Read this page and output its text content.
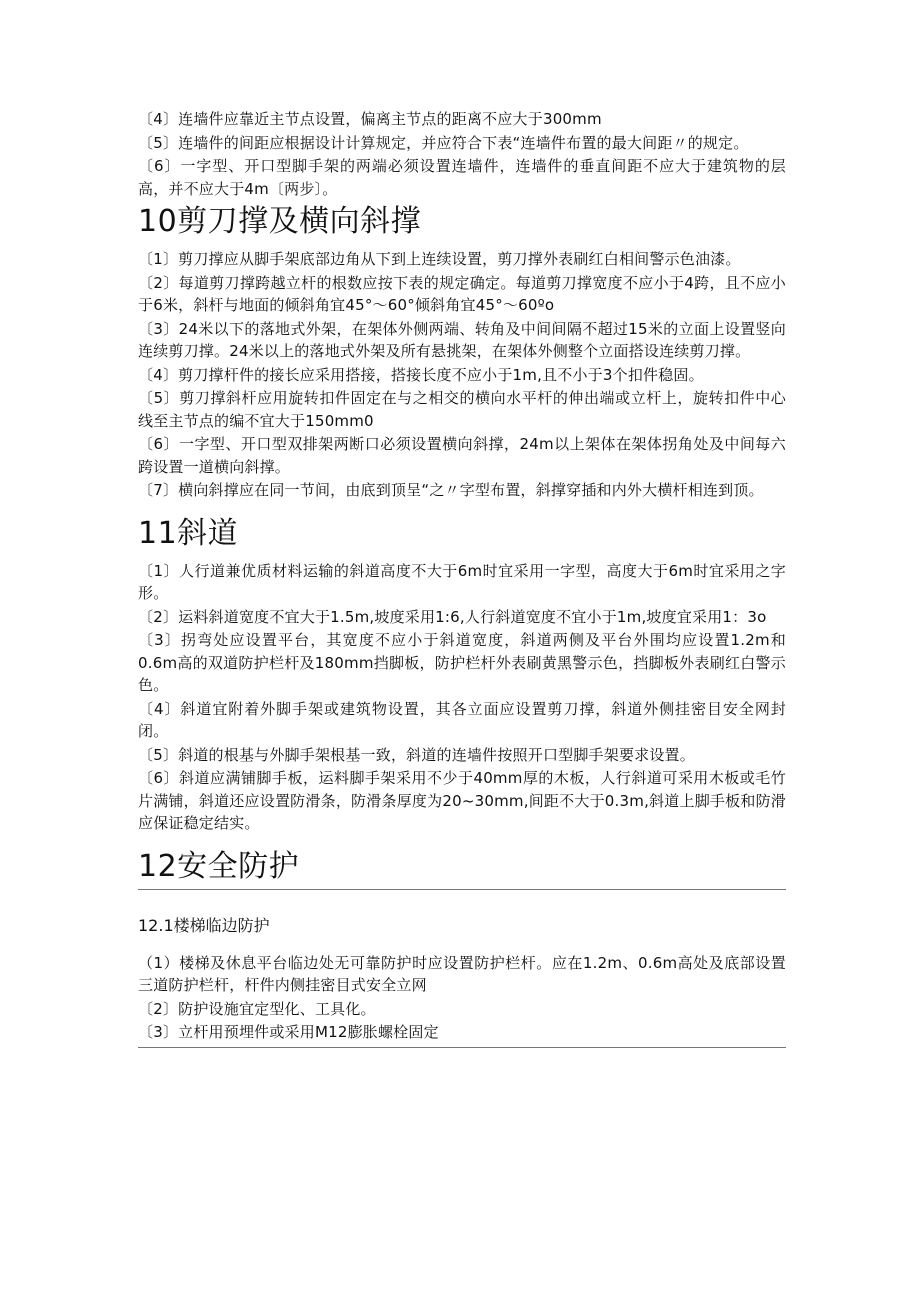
〔4〕连墙件应靠近主节点设置，偏离主节点的距离不应大于300mm

〔5〕连墙件的间距应根据设计计算规定，并应符合下表“连墙件布置的最大间距〃的规定。

〔6〕一字型、开口型脚手架的两端必须设置连墙件，连墙件的垂直间距不应大于建筑物的层高，并不应大于4m〔两步〕。

10剪刀撑及横向斜撑

〔1〕剪刀撑应从脚手架底部边角从下到上连续设置，剪刀撑外表刷红白相间警示色油漆。

〔2〕每道剪刀撑跨越立杆的根数应按下表的规定确定。每道剪刀撑宽度不应小于4跨，且不应小于6米，斜杆与地面的倾斜角宜45°～60°倾斜角宜45°～60ºo

〔3〕24米以下的落地式外架，在架体外侧两端、转角及中间间隔不超过15米的立面上设置竖向连续剪刀撑。24米以上的落地式外架及所有悬挑架，在架体外侧整个立面搭设连续剪刀撑。

〔4〕剪刀撑杆件的接长应采用搭接，搭接长度不应小于1m,且不小于3个扣件稳固。

〔5〕剪刀撑斜杆应用旋转扣件固定在与之相交的横向水平杆的伸出端或立杆上，旋转扣件中心线至主节点的编不宜大于150mm0

〔6〕一字型、开口型双排架两断口必须设置横向斜撑，24m以上架体在架体拐角处及中间每六跨设置一道横向斜撑。

〔7〕横向斜撑应在同一节间，由底到顶呈“之〃字型布置，斜撑穿插和内外大横杆相连到顶。

11斜道

〔1〕人行道兼优质材料运输的斜道高度不大于6m时宜采用一字型，高度大于6m时宜采用之字形。

〔2〕运料斜道宽度不宜大于1.5m,坡度采用1:6,人行斜道宽度不宜小于1m,坡度宜采用1：3o

〔3〕拐弯处应设置平台，其宽度不应小于斜道宽度，斜道两侧及平台外围均应设置1.2m和0.6m高的双道防护栏杆及180mm挡脚板，防护栏杆外表刷黄黑警示色，挡脚板外表刷红白警示色。

〔4〕斜道宜附着外脚手架或建筑物设置，其各立面应设置剪刀撑，斜道外侧挂密目安全网封闭。

〔5〕斜道的根基与外脚手架根基一致，斜道的连墙件按照开口型脚手架要求设置。

〔6〕斜道应满铺脚手板，运料脚手架采用不少于40mm厚的木板，人行斜道可采用木板或毛竹片满铺，斜道还应设置防滑条，防滑条厚度为20~30mm,间距不大于0.3m,斜道上脚手板和防滑应保证稳定结实。

12安全防护
12.1楼梯临边防护

（1）楼梯及休息平台临边处无可靠防护时应设置防护栏杆。应在1.2m、0.6m高处及底部设置三道防护栏杆，杆件内侧挂密目式安全立网

〔2〕防护设施宜定型化、工具化。

〔3〕立杆用预埋件或采用M12膨胀螺栓固定
